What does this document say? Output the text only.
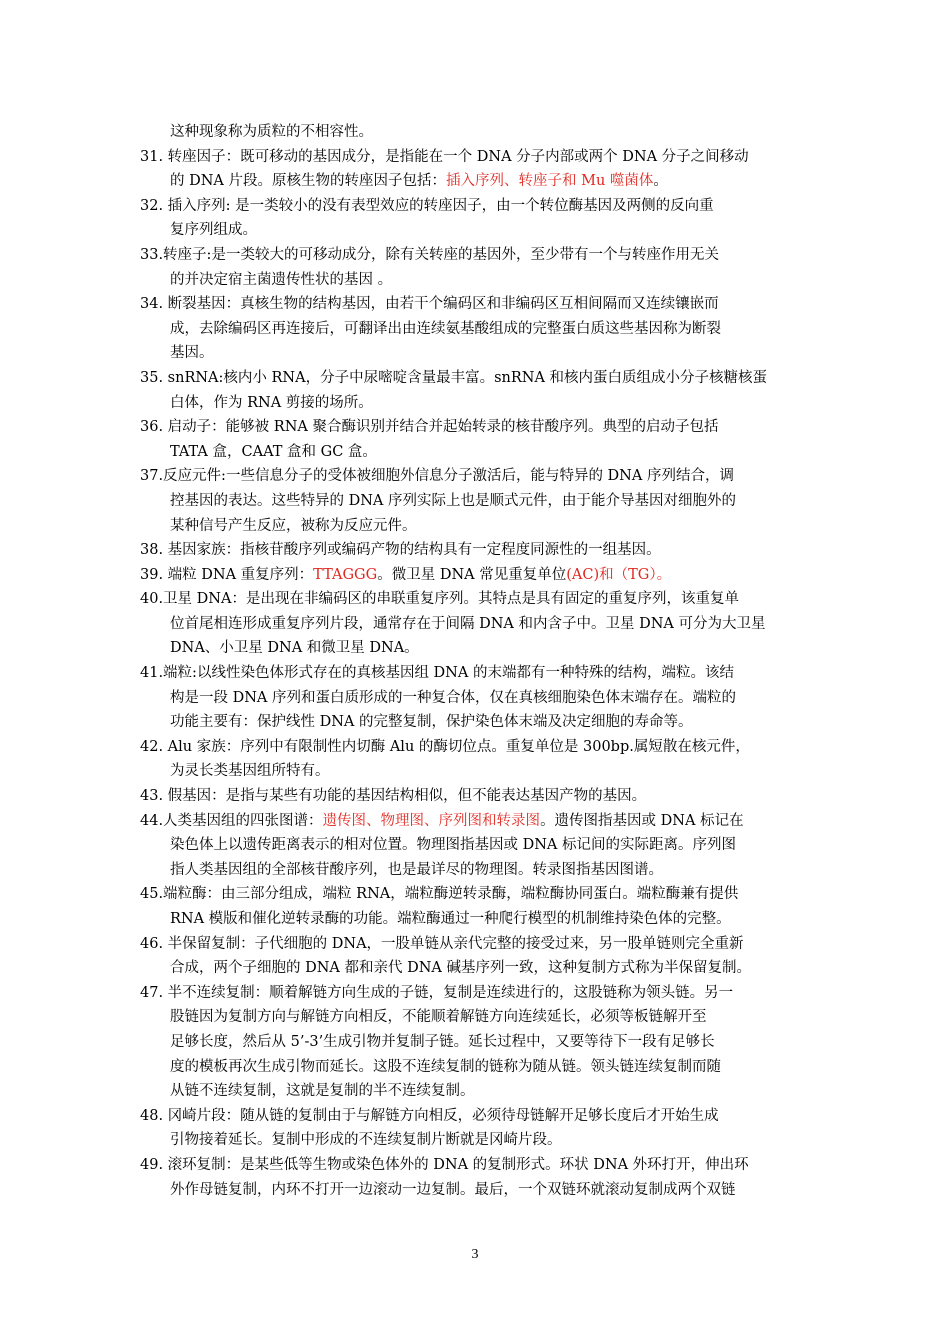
这种现象称为质粒的不相容性。
31. 转座因子：既可移动的基因成分，是指能在一个 DNA 分子内部或两个 DNA 分子之间移动
的 DNA 片段。原核生物的转座因子包括：插入序列、转座子和 Mu 噬菌体。
32. 插入序列: 是一类较小的没有表型效应的转座因子，由一个转位酶基因及两侧的反向重
复序列组成。
33.转座子:是一类较大的可移动成分，除有关转座的基因外，至少带有一个与转座作用无关
的并决定宿主菌遗传性状的基因 。
34. 断裂基因：真核生物的结构基因，由若干个编码区和非编码区互相间隔而又连续镶嵌而
成，去除编码区再连接后，可翻译出由连续氨基酸组成的完整蛋白质这些基因称为断裂
基因。
35. snRNA:核内小 RNA，分子中尿嘧啶含量最丰富。snRNA 和核内蛋白质组成小分子核糖核蛋
白体，作为 RNA 剪接的场所。
36. 启动子：能够被 RNA 聚合酶识别并结合并起始转录的核苷酸序列。典型的启动子包括
TATA 盒，CAAT 盒和 GC 盒。
37.反应元件:一些信息分子的受体被细胞外信息分子激活后，能与特异的 DNA 序列结合，调
控基因的表达。这些特异的 DNA 序列实际上也是顺式元件，由于能介导基因对细胞外的
某种信号产生反应，被称为反应元件。
38. 基因家族：指核苷酸序列或编码产物的结构具有一定程度同源性的一组基因。
39. 端粒 DNA 重复序列：TTAGGG。微卫星 DNA 常见重复单位(AC)和（TG）。
40.卫星 DNA：是出现在非编码区的串联重复序列。其特点是具有固定的重复序列，该重复单
位首尾相连形成重复序列片段，通常存在于间隔 DNA 和内含子中。卫星 DNA 可分为大卫星
DNA、小卫星 DNA 和微卫星 DNA。
41.端粒:以线性染色体形式存在的真核基因组 DNA 的末端都有一种特殊的结构，端粒。该结
构是一段 DNA 序列和蛋白质形成的一种复合体，仅在真核细胞染色体末端存在。端粒的
功能主要有：保护线性 DNA 的完整复制，保护染色体末端及决定细胞的寿命等。
42. Alu 家族：序列中有限制性内切酶 Alu 的酶切位点。重复单位是 300bp.属短散在核元件，
为灵长类基因组所特有。
43. 假基因：是指与某些有功能的基因结构相似，但不能表达基因产物的基因。
44.人类基因组的四张图谱：遗传图、物理图、序列图和转录图。遗传图指基因或 DNA 标记在
染色体上以遗传距离表示的相对位置。物理图指基因或 DNA 标记间的实际距离。序列图
指人类基因组的全部核苷酸序列，也是最详尽的物理图。转录图指基因图谱。
45.端粒酶：由三部分组成，端粒 RNA，端粒酶逆转录酶，端粒酶协同蛋白。端粒酶兼有提供
RNA 模版和催化逆转录酶的功能。端粒酶通过一种爬行模型的机制维持染色体的完整。
46. 半保留复制：子代细胞的 DNA，一股单链从亲代完整的接受过来，另一股单链则完全重新
合成，两个子细胞的 DNA 都和亲代 DNA 碱基序列一致，这种复制方式称为半保留复制。
47. 半不连续复制：顺着解链方向生成的子链，复制是连续进行的，这股链称为领头链。另一
股链因为复制方向与解链方向相反，不能顺着解链方向连续延长，必须等板链解开至
足够长度，然后从 5’-3’生成引物并复制子链。延长过程中，又要等待下一段有足够长
度的模板再次生成引物而延长。这股不连续复制的链称为随从链。领头链连续复制而随
从链不连续复制，这就是复制的半不连续复制。
48. 冈崎片段：随从链的复制由于与解链方向相反，必须待母链解开足够长度后才开始生成
引物接着延长。复制中形成的不连续复制片断就是冈崎片段。
49. 滚环复制：是某些低等生物或染色体外的 DNA 的复制形式。环状 DNA 外环打开，伸出环
外作母链复制，内环不打开一边滚动一边复制。最后，一个双链环就滚动复制成两个双链
3
